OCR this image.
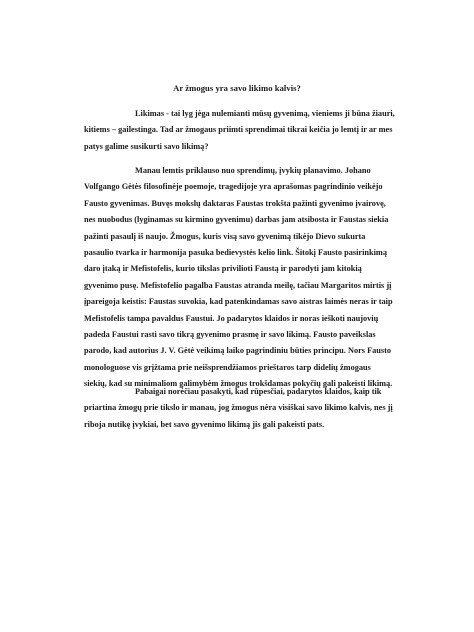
Ar žmogus yra savo likimo kalvis?

Likimas - tai lyg jėga nulemianti mūsų gyvenimą, vieniems ji būna žiauri,
kitiems – gailestinga. Tad ar žmogaus priimti sprendimai tikrai keičia jo lemtį ir ar mes
patys galime susikurti savo likimą?

Manau lemtis priklauso nuo sprendimų, įvykių planavimo. Johano
Volfgango Gėtės filosofinėje poemoje, tragedijoje yra aprašomas pagrindinio veikėjo
Fausto gyvenimas. Buvęs mokslų daktaras Faustas trokšta pažinti gyvenimo įvairovę,
nes nuobodus (lyginamas su kirmino gyvenimu) darbas jam atsibosta ir Faustas siekia
pažinti pasaulį iš naujo. Žmogus, kuris visą savo gyvenimą tikėjo Dievo sukurta
pasaulio tvarka ir harmonija pasuka bedievystės kelio link. Šitokį Fausto pasirinkimą
daro įtaką ir Mefistofelis, kurio tikslas privilioti Faustą ir parodyti jam kitokią
gyvenimo pusę. Mefistofelio pagalba Faustas atranda meilę, tačiau Margaritos mirtis jį
įpareigoja keistis: Faustas suvokia, kad patenkindamas savo aistras laimės neras ir taip
Mefistofelis tampa pavaldus Faustui. Jo padarytos klaidos ir noras ieškoti naujovių
padeda Faustui rasti savo tikrą gyvenimo prasmę ir savo likimą. Fausto paveikslas
parodo, kad autorius J. V. Gėtė veikimą laiko pagrindiniu būties principu. Nors Fausto
monologuose vis grįžtama prie neišsprendžiamos prieštaros tarp didelių žmogaus
siekių, kad su minimaliom galimybėm žmogus trokšdamas pokyčių gali pakeisti likimą.

Pabaigai norėčiau pasakyti, kad rūpesčiai, padarytos klaidos, kaip tik
priartina žmogų prie tikslo ir manau, jog žmogus nėra visiškai savo likimo kalvis, nes jį
riboja nutikę įvykiai, bet savo gyvenimo likimą jis gali pakeisti pats.
